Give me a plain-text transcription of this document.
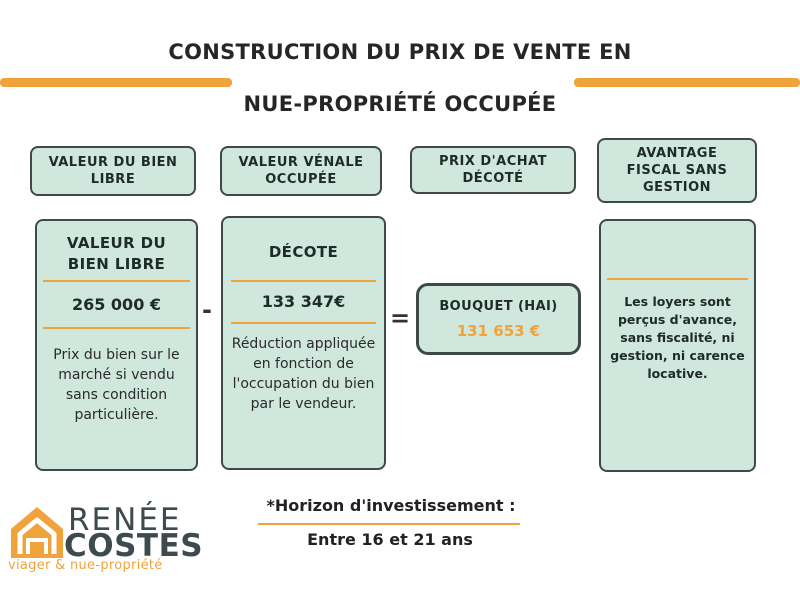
CONSTRUCTION DU PRIX DE VENTE EN
NUE-PROPRIÉTÉ OCCUPÉE
VALEUR DU BIEN
LIBRE
VALEUR VÉNALE
OCCUPÉE
PRIX D'ACHAT
DÉCOTÉ
AVANTAGE
FISCAL SANS
GESTION
VALEUR DU
BIEN LIBRE
265 000 €
Prix du bien sur le marché si vendu sans condition particulière.
-
DÉCOTE
133 347€
Réduction appliquée en fonction de l'occupation du bien par le vendeur.
=	BOUQUET (HAI)
131 653 €
Les loyers sont perçus d'avance, sans fiscalité, ni gestion, ni carence locative.
*Horizon d'investissement :
Entre 16 et 21 ans
RENÉE
COSTES
viager & nue-propriété
